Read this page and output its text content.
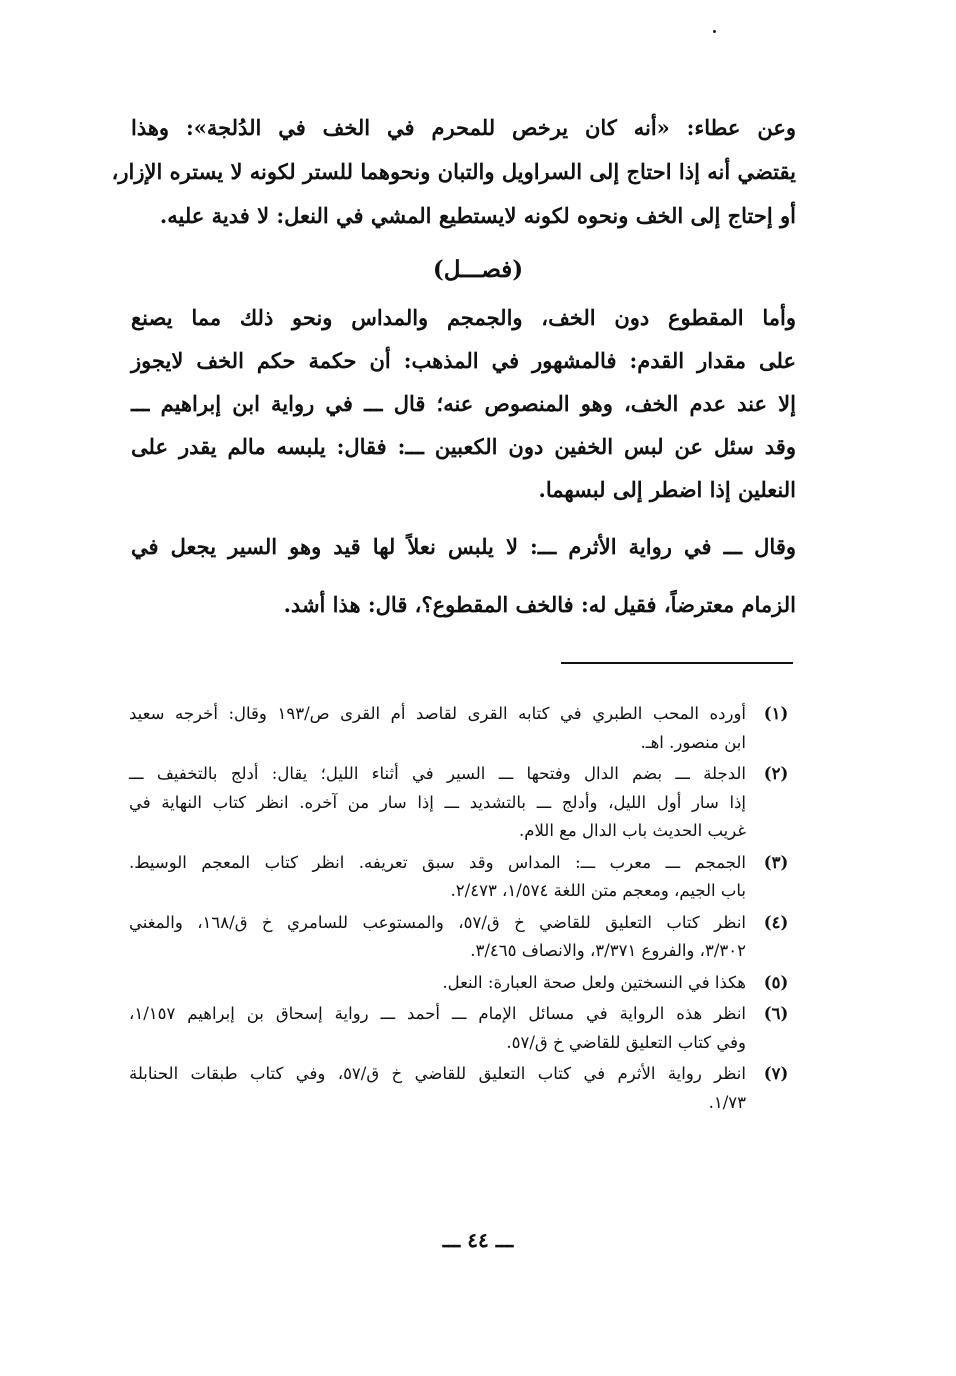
وعن عطاء: «أنه كان يرخص للمحرم في الخف في الدُلجة»: وهذا
يقتضي أنه إذا احتاج إلى السراويل والتبان ونحوهما للستر لكونه لا يستره الإزار،
أو إحتاج إلى الخف ونحوه لكونه لايستطيع المشي في النعل: لا فدية عليه.
(فصـــل)
وأما المقطوع دون الخف، والجمجم والمداس ونحو ذلك مما يصنع
على مقدار القدم: فالمشهور في المذهب: أن حكمة حكم الخف لايجوز
إلا عند عدم الخف، وهو المنصوص عنه؛ قال ـــ في رواية ابن إبراهيم ـــ
وقد سئل عن لبس الخفين دون الكعبين ـــ: فقال: يلبسه مالم يقدر على
النعلين إذا اضطر إلى لبسهما.
وقال ـــ في رواية الأثرم ـــ: لا يلبس نعلاً لها قيد وهو السير يجعل في
الزمام معترضاً، فقيل له: فالخف المقطوع؟، قال: هذا أشد.
(١)
أورده المحب الطبري في كتابه القرى لقاصد أم القرى ص/١٩٣ وقال: أخرجه سعيد
ابن منصور. اهـ.
(٢)
الدجلة ـــ بضم الدال وفتحها ـــ السير في أثناء الليل؛ يقال: أدلج بالتخفيف ـــ
إذا سار أول الليل، وأدلج ـــ بالتشديد ـــ إذا سار من آخره. انظر كتاب النهاية في
غريب الحديث باب الدال مع اللام.
(٣)
الجمجم ـــ معرب ـــ: المداس وقد سبق تعريفه. انظر كتاب المعجم الوسيط.
باب الجيم، ومعجم متن اللغة ١/٥٧٤، ٢/٤٧٣.
(٤)
انظر كتاب التعليق للقاضي خ ق/٥٧، والمستوعب للسامري خ ق/١٦٨، والمغني
٣/٣٠٢، والفروع ٣/٣٧١، والانصاف ٣/٤٦٥.
(٥)
هكذا في النسختين ولعل صحة العبارة: النعل.
(٦)
انظر هذه الرواية في مسائل الإمام ـــ أحمد ـــ رواية إسحاق بن إبراهيم ١/١٥٧،
وفي كتاب التعليق للقاضي خ ق/٥٧.
(٧)
انظر رواية الأثرم في كتاب التعليق للقاضي خ ق/٥٧، وفي كتاب طبقات الحنابلة
١/٧٣.
ـــ ٤٤ ـــ
